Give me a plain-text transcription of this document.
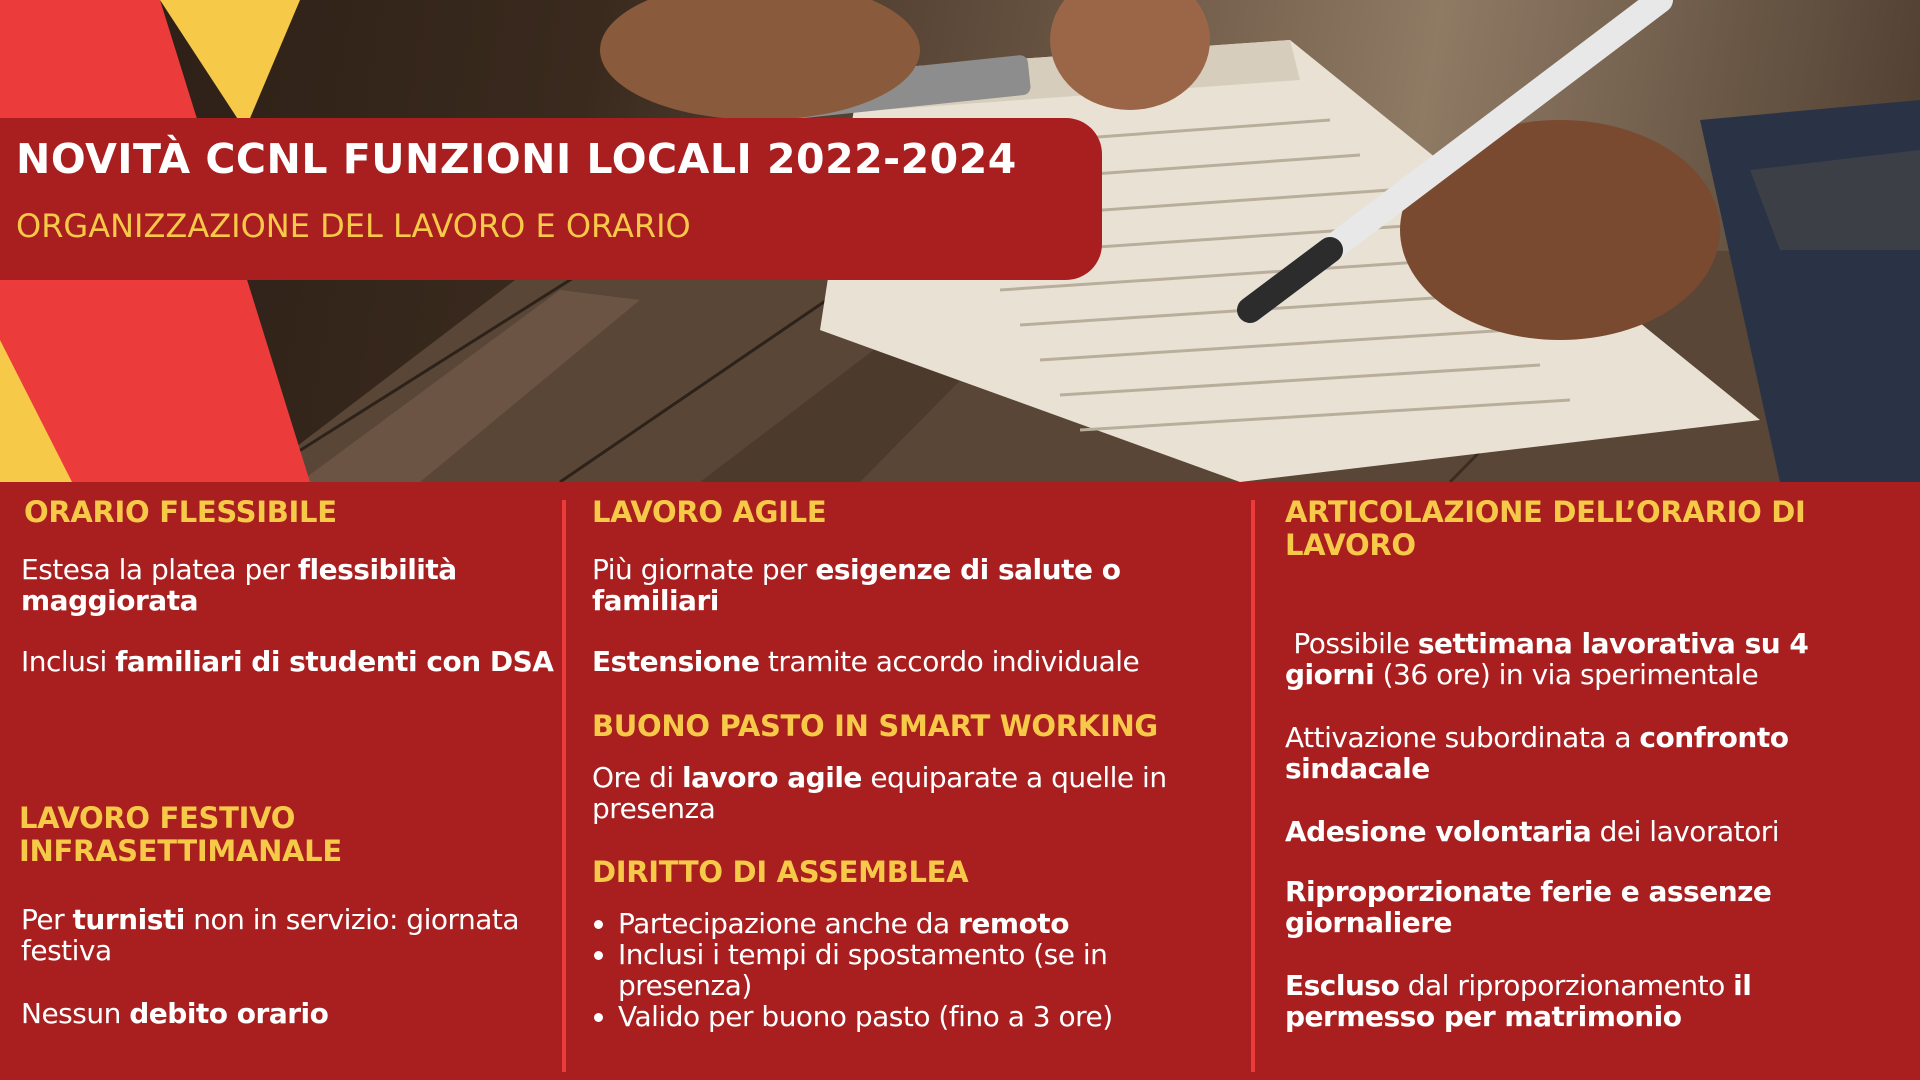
NOVITÀ CCNL FUNZIONI LOCALI 2022-2024

ORGANIZZAZIONE DEL LAVORO E ORARIO

ORARIO FLESSIBILE

Estesa la platea per flessibilità maggiorata

Inclusi familiari di studenti con DSA

LAVORO FESTIVO INFRASETTIMANALE

Per turnisti non in servizio: giornata festiva

Nessun debito orario

LAVORO AGILE

Più giornate per esigenze di salute o familiari

Estensione tramite accordo individuale

BUONO PASTO IN SMART WORKING

Ore di lavoro agile equiparate a quelle in presenza

DIRITTO DI ASSEMBLEA
• Partecipazione anche da remoto
• Inclusi i tempi di spostamento (se in presenza)
• Valido per buono pasto (fino a 3 ore)
ARTICOLAZIONE DELL’ORARIO DI LAVORO

Possibile settimana lavorativa su 4 giorni (36 ore) in via sperimentale

Attivazione subordinata a confronto sindacale

Adesione volontaria dei lavoratori

Riproporzionate ferie e assenze giornaliere

Escluso dal riproporzionamento il permesso per matrimonio
